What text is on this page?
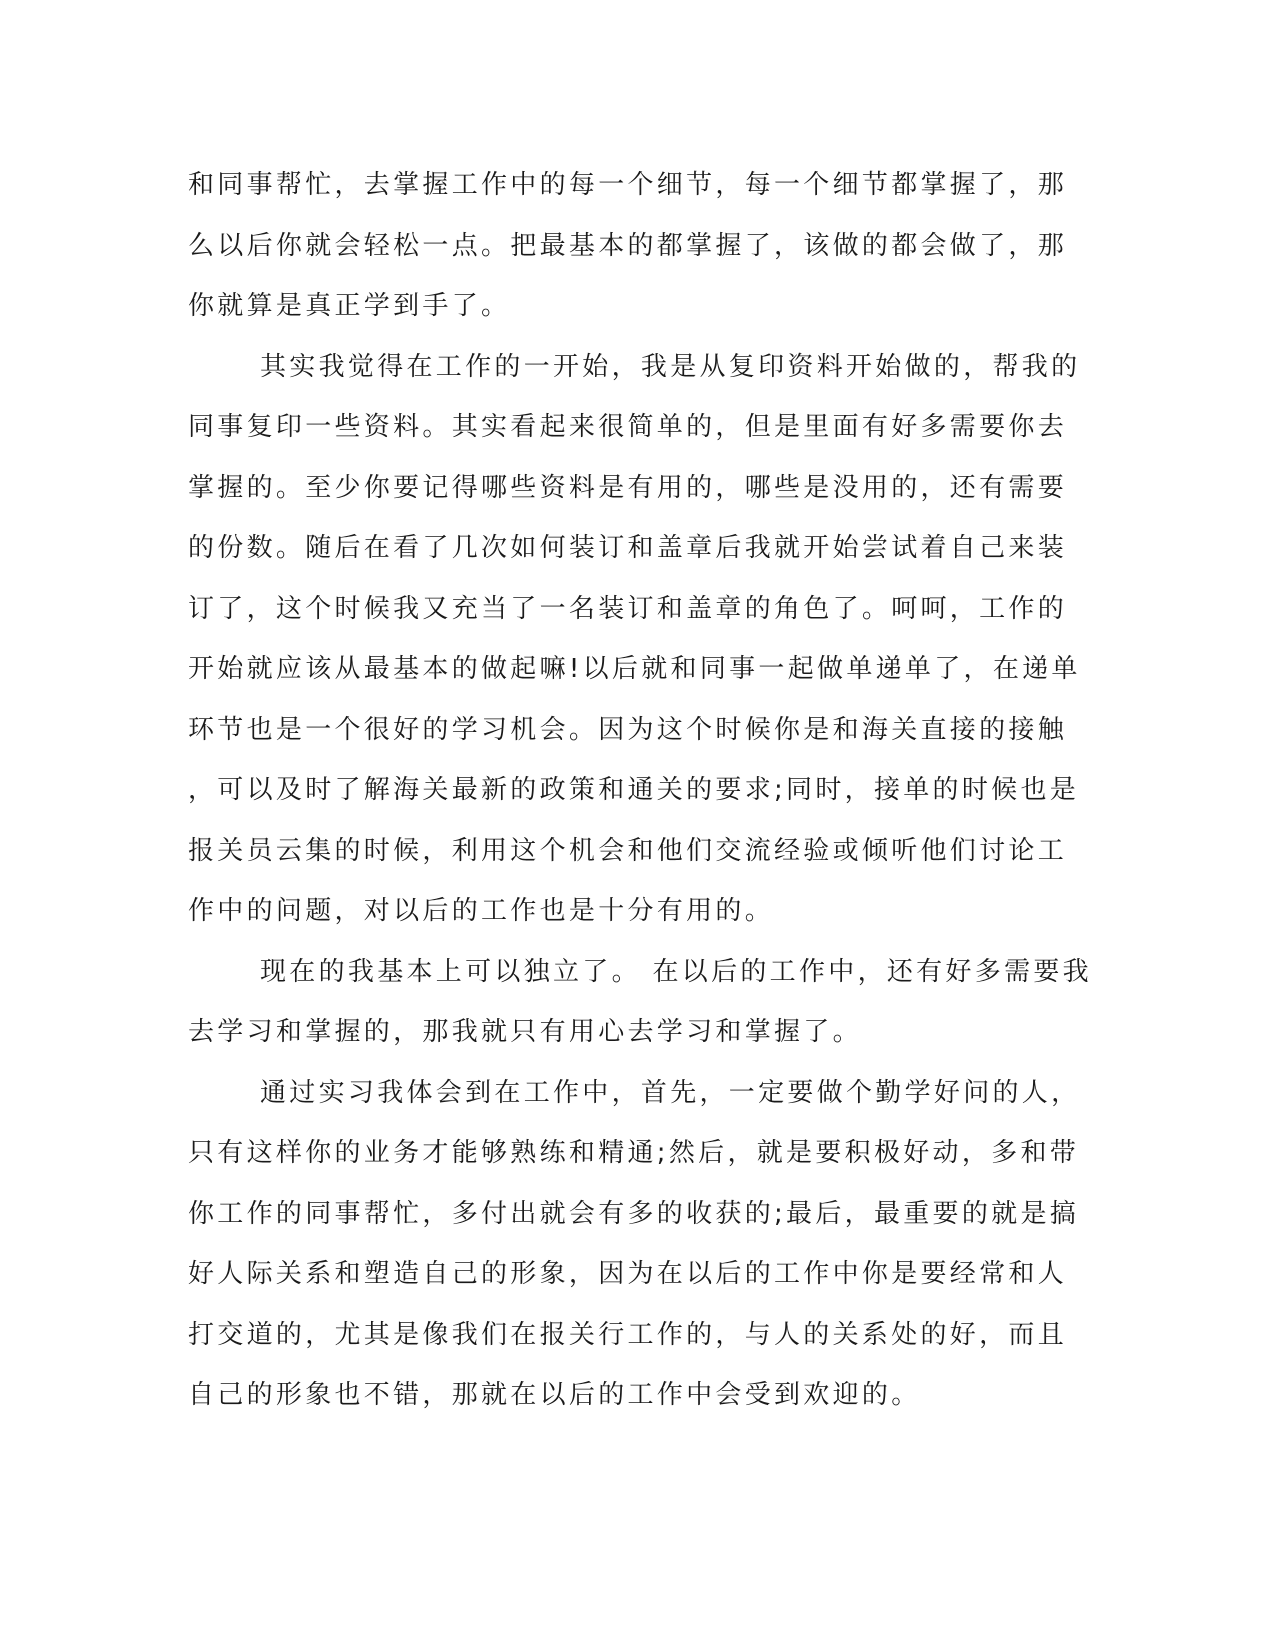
和同事帮忙，去掌握工作中的每一个细节，每一个细节都掌握了，那
么以后你就会轻松一点。把最基本的都掌握了，该做的都会做了，那
你就算是真正学到手了。
其实我觉得在工作的一开始，我是从复印资料开始做的，帮我的
同事复印一些资料。其实看起来很简单的，但是里面有好多需要你去
掌握的。至少你要记得哪些资料是有用的，哪些是没用的，还有需要
的份数。随后在看了几次如何装订和盖章后我就开始尝试着自己来装
订了，这个时候我又充当了一名装订和盖章的角色了。呵呵，工作的
开始就应该从最基本的做起嘛!以后就和同事一起做单递单了，在递单
环节也是一个很好的学习机会。因为这个时候你是和海关直接的接触
，可以及时了解海关最新的政策和通关的要求;同时，接单的时候也是
报关员云集的时候，利用这个机会和他们交流经验或倾听他们讨论工
作中的问题，对以后的工作也是十分有用的。
现在的我基本上可以独立了。 在以后的工作中，还有好多需要我
去学习和掌握的，那我就只有用心去学习和掌握了。
通过实习我体会到在工作中，首先，一定要做个勤学好问的人，
只有这样你的业务才能够熟练和精通;然后，就是要积极好动，多和带
你工作的同事帮忙，多付出就会有多的收获的;最后，最重要的就是搞
好人际关系和塑造自己的形象，因为在以后的工作中你是要经常和人
打交道的，尤其是像我们在报关行工作的，与人的关系处的好，而且
自己的形象也不错，那就在以后的工作中会受到欢迎的。
